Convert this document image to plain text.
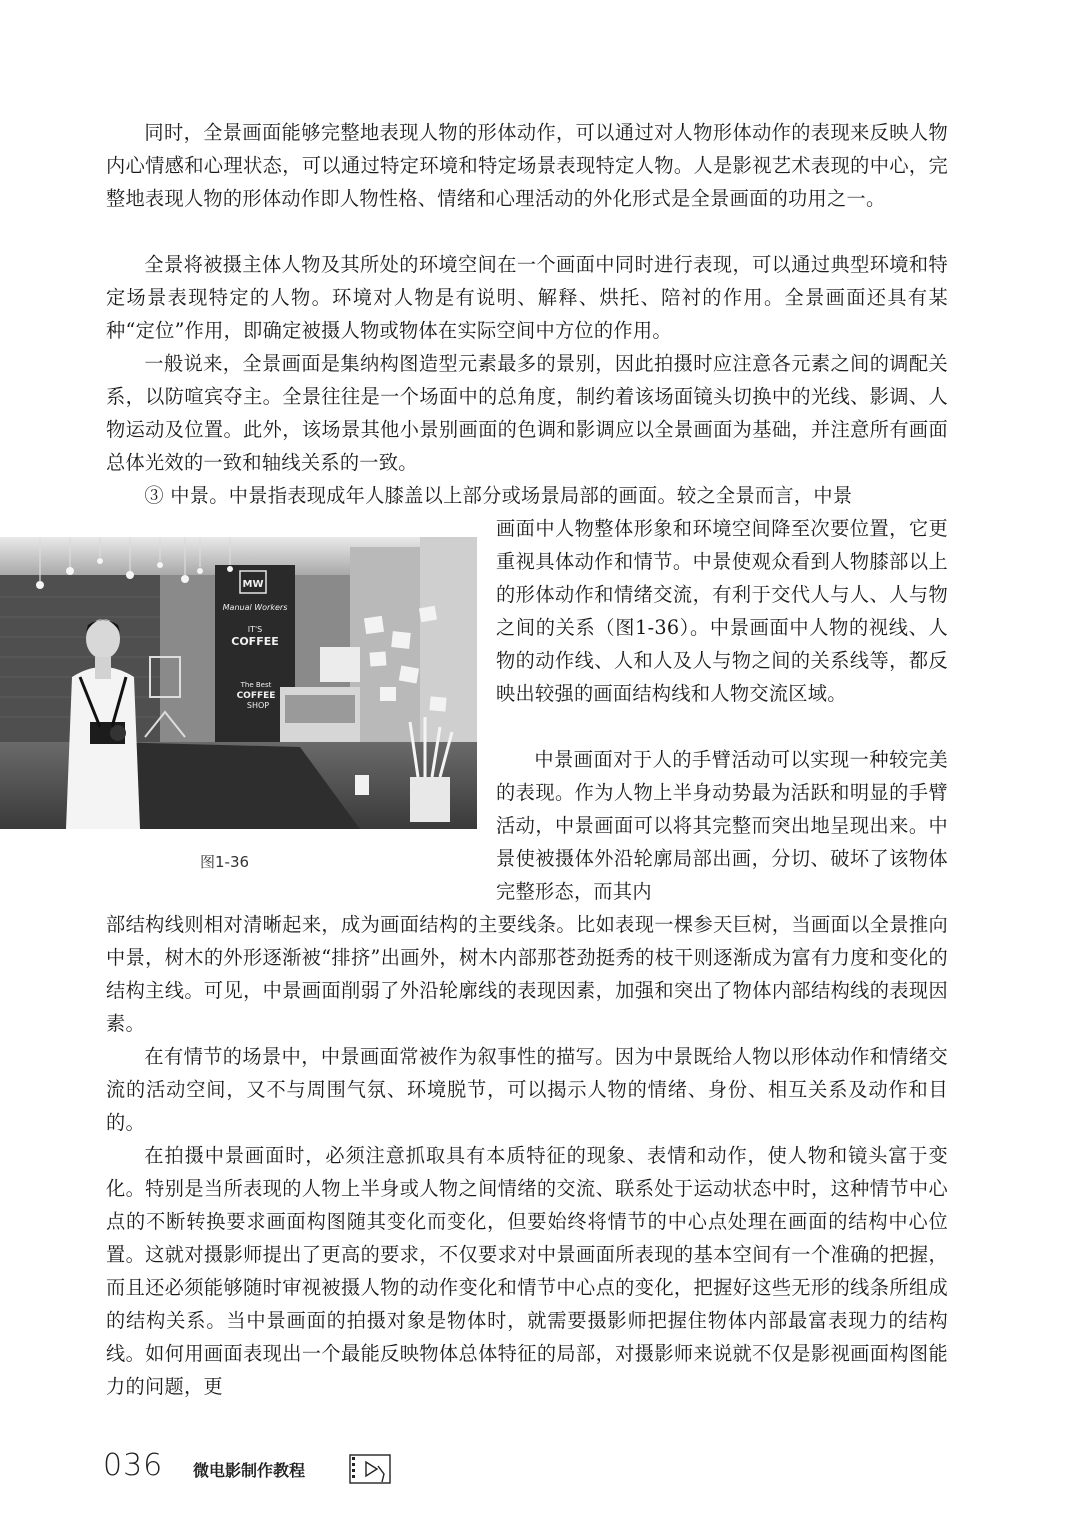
同时，全景画面能够完整地表现人物的形体动作，可以通过对人物形体动作的表现来反映人物内心情感和心理状态，可以通过特定环境和特定场景表现特定人物。人是影视艺术表现的中心，完整地表现人物的形体动作即人物性格、情绪和心理活动的外化形式是全景画面的功用之一。

全景将被摄主体人物及其所处的环境空间在一个画面中同时进行表现，可以通过典型环境和特定场景表现特定的人物。环境对人物是有说明、解释、烘托、陪衬的作用。全景画面还具有某种“定位”作用，即确定被摄人物或物体在实际空间中方位的作用。

一般说来，全景画面是集纳构图造型元素最多的景别，因此拍摄时应注意各元素之间的调配关系，以防喧宾夺主。全景往往是一个场面中的总角度，制约着该场面镜头切换中的光线、影调、人物运动及位置。此外，该场景其他小景别画面的色调和影调应以全景画面为基础，并注意所有画面总体光效的一致和轴线关系的一致。

③ 中景。中景指表现成年人膝盖以上部分或场景局部的画面。较之全景而言，中景

画面中人物整体形象和环境空间降至次要位置，它更重视具体动作和情节。中景使观众看到人物膝部以上的形体动作和情绪交流，有利于交代人与人、人与物之间的关系（图1-36）。中景画面中人物的视线、人物的动作线、人和人及人与物之间的关系线等，都反映出较强的画面结构线和人物交流区域。

中景画面对于人的手臂活动可以实现一种较完美的表现。作为人物上半身动势最为活跃和明显的手臂活动，中景画面可以将其完整而突出地呈现出来。中景使被摄体外沿轮廓局部出画，分切、破坏了该物体完整形态，而其内

部结构线则相对清晰起来，成为画面结构的主要线条。比如表现一棵参天巨树，当画面以全景推向中景，树木的外形逐渐被“排挤”出画外，树木内部那苍劲挺秀的枝干则逐渐成为富有力度和变化的结构主线。可见，中景画面削弱了外沿轮廓线的表现因素，加强和突出了物体内部结构线的表现因素。

在有情节的场景中，中景画面常被作为叙事性的描写。因为中景既给人物以形体动作和情绪交流的活动空间，又不与周围气氛、环境脱节，可以揭示人物的情绪、身份、相互关系及动作和目的。

在拍摄中景画面时，必须注意抓取具有本质特征的现象、表情和动作，使人物和镜头富于变化。特别是当所表现的人物上半身或人物之间情绪的交流、联系处于运动状态中时，这种情节中心点的不断转换要求画面构图随其变化而变化，但要始终将情节的中心点处理在画面的结构中心位置。这就对摄影师提出了更高的要求，不仅要求对中景画面所表现的基本空间有一个准确的把握，而且还必须能够随时审视被摄人物的动作变化和情节中心点的变化，把握好这些无形的线条所组成的结构关系。当中景画面的拍摄对象是物体时，就需要摄影师把握住物体内部最富表现力的结构线。如何用画面表现出一个最能反映物体总体特征的局部，对摄影师来说就不仅是影视画面构图能力的问题，更

MW
Manual Workers
IT'S
COFFEE
The Best
COFFEE
SHOP
图1-36
036 微电影制作教程
